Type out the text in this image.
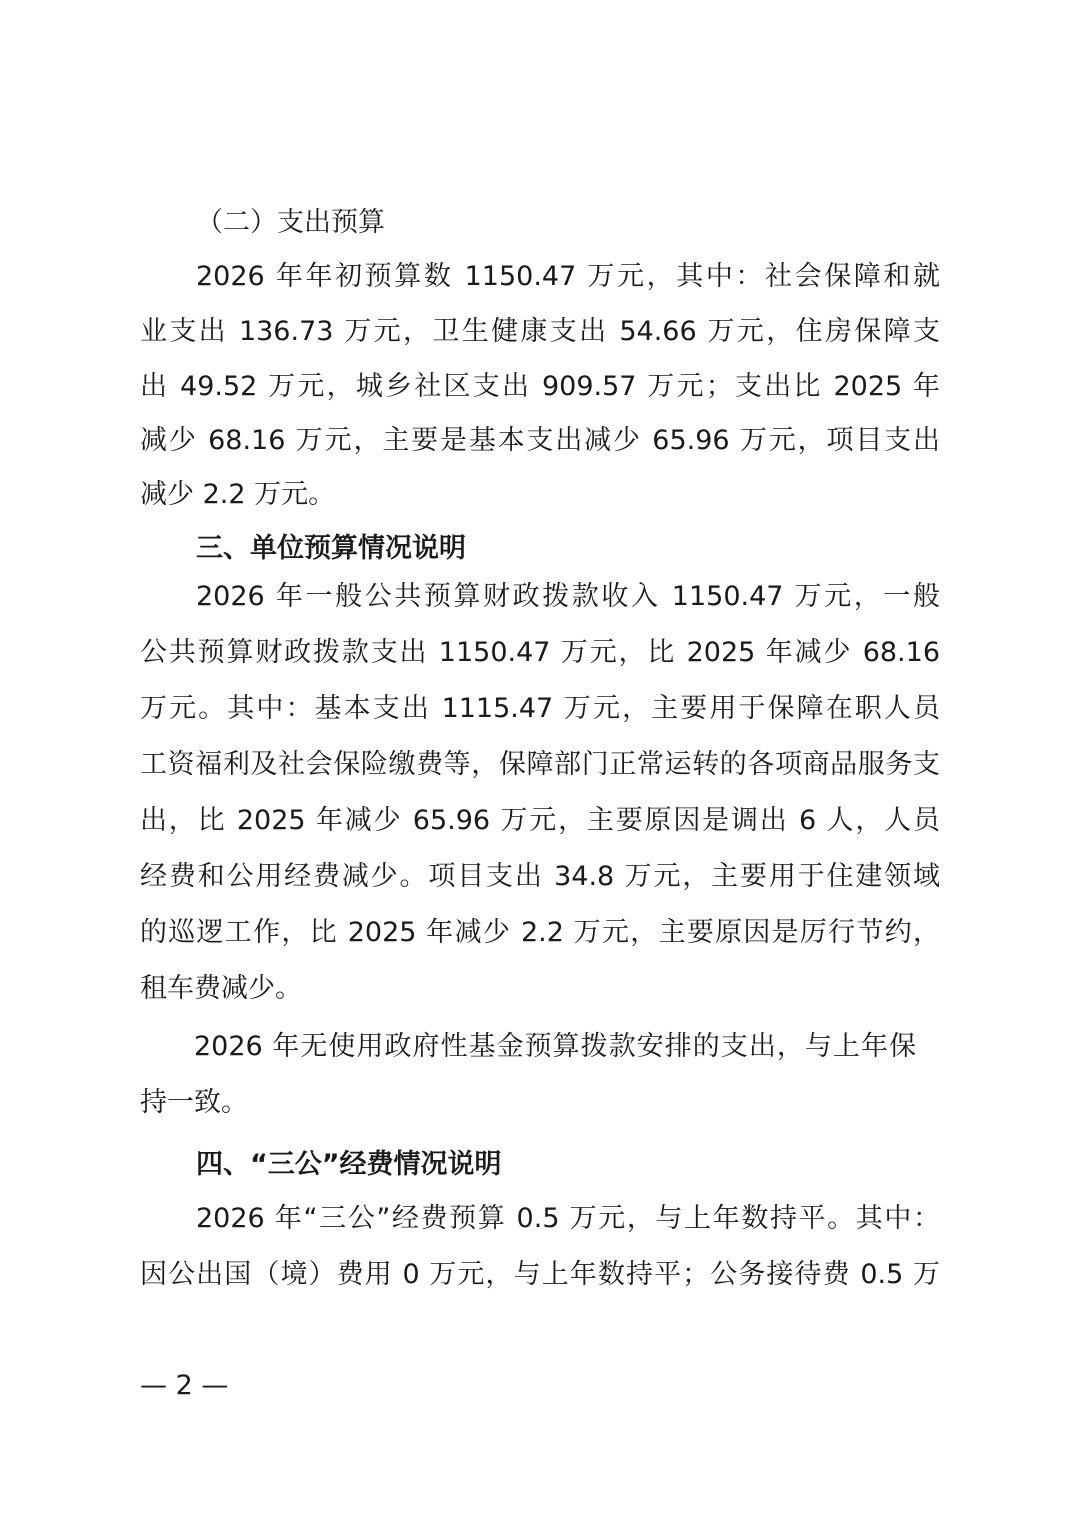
（二）支出预算
2026 年年初预算数 1150.47 万元，其中：社会保障和就
业支出 136.73 万元，卫生健康支出 54.66 万元，住房保障支
出 49.52 万元，城乡社区支出 909.57 万元；支出比 2025 年
减少 68.16 万元，主要是基本支出减少 65.96 万元，项目支出
减少 2.2 万元。
三、单位预算情况说明
2026 年一般公共预算财政拨款收入 1150.47 万元，一般
公共预算财政拨款支出 1150.47 万元，比 2025 年减少 68.16
万元。其中：基本支出 1115.47 万元，主要用于保障在职人员
工资福利及社会保险缴费等，保障部门正常运转的各项商品服务支
出，比 2025 年减少 65.96 万元，主要原因是调出 6 人，人员
经费和公用经费减少。项目支出 34.8 万元，主要用于住建领域
的巡逻工作，比 2025 年减少 2.2 万元，主要原因是厉行节约，
租车费减少。
2026 年无使用政府性基金预算拨款安排的支出，与上年保
持一致。
四、“三公”经费情况说明
2026 年“三公”经费预算 0.5 万元，与上年数持平。其中：
因公出国（境）费用 0 万元，与上年数持平；公务接待费 0.5 万
— 2 —
